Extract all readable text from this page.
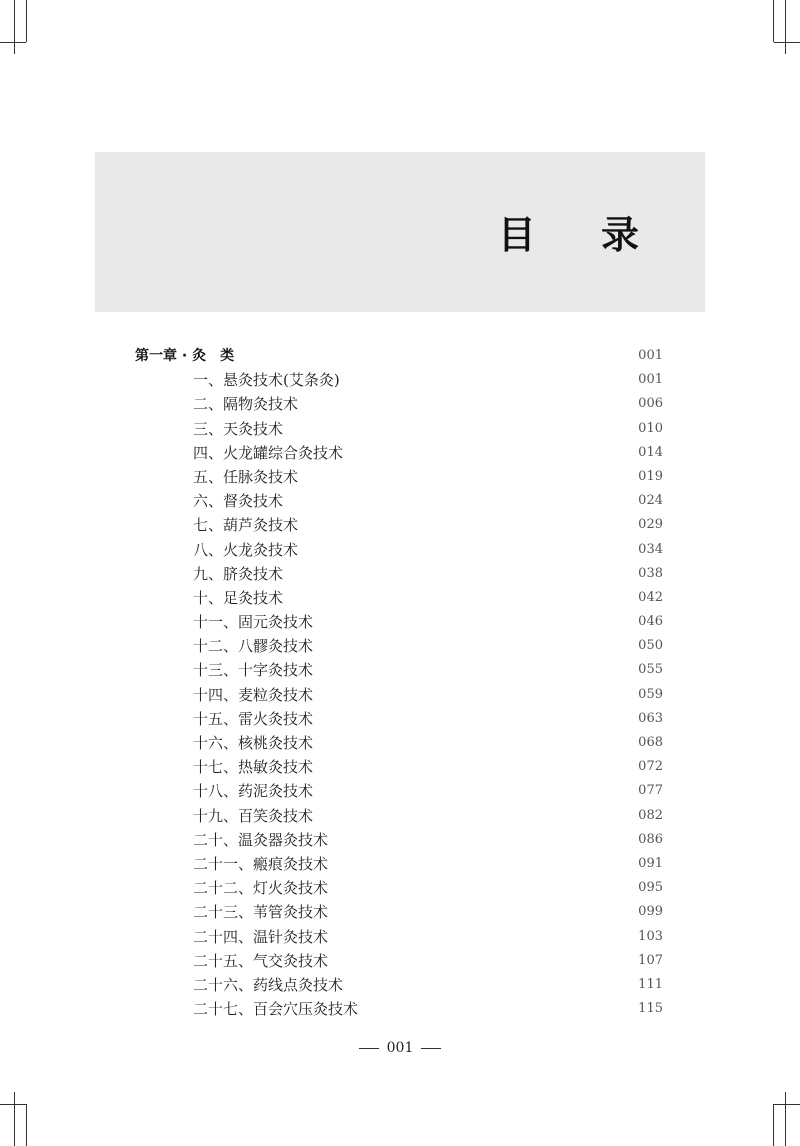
目 录
第一章 · 灸　类	001
一、悬灸技术(艾条灸)	001
二、隔物灸技术	006
三、天灸技术	010
四、火龙罐综合灸技术	014
五、任脉灸技术	019
六、督灸技术	024
七、葫芦灸技术	029
八、火龙灸技术	034
九、脐灸技术	038
十、足灸技术	042
十一、固元灸技术	046
十二、八髎灸技术	050
十三、十字灸技术	055
十四、麦粒灸技术	059
十五、雷火灸技术	063
十六、核桃灸技术	068
十七、热敏灸技术	072
十八、药泥灸技术	077
十九、百笑灸技术	082
二十、温灸器灸技术	086
二十一、瘢痕灸技术	091
二十二、灯火灸技术	095
二十三、苇管灸技术	099
二十四、温针灸技术	103
二十五、气交灸技术	107
二十六、药线点灸技术	111
二十七、百会穴压灸技术	115
001
